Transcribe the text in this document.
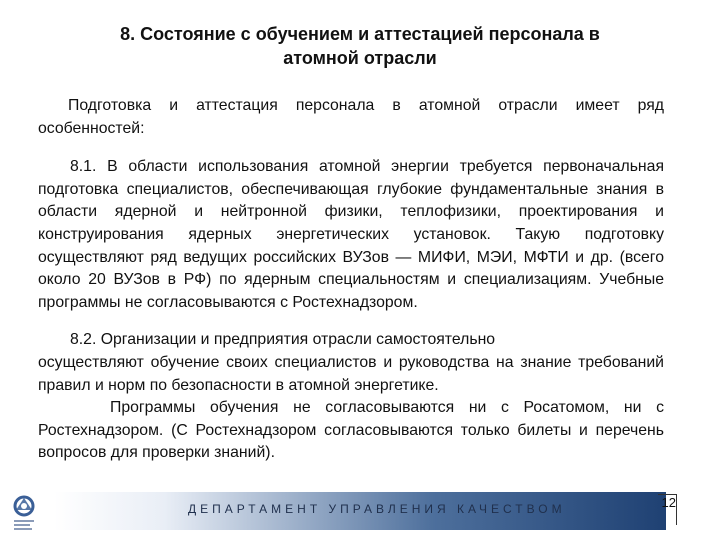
8. Состояние с обучением и аттестацией персонала в
атомной отрасли

Подготовка и аттестация персонала в атомной отрасли имеет ряд особенностей:

8.1. В области использования атомной энергии требуется первоначальная подготовка специалистов, обеспечивающая глубокие фундаментальные знания в области ядерной и нейтронной физики, теплофизики, проектирования и конструирования ядерных энергетических установок. Такую подготовку осуществляют ряд ведущих российских ВУЗов — МИФИ, МЭИ, МФТИ и др. (всего около 20 ВУЗов в РФ) по ядерным специальностям и специализациям. Учебные программы не согласовываются с Ростехнадзором.

8.2. Организации и предприятия отрасли самостоятельно
осуществляют обучение своих специалистов и руководства на знание требований правил и норм по безопасности в атомной энергетике.
Программы обучения не согласовываются ни с Росатомом, ни с Ростехнадзором. (С Ростехнадзором согласовываются только билеты и перечень вопросов для проверки знаний).
ДЕПАРТАМЕНТ УПРАВЛЕНИЯ КАЧЕСТВОМ	12
